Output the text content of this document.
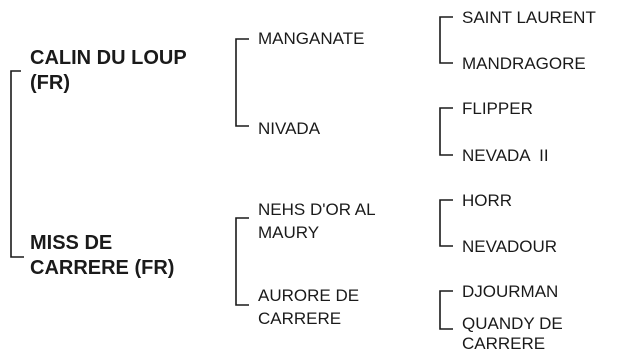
CALIN DU LOUP
(FR)
MISS DE
CARRERE (FR)
MANGANATE
NIVADA
NEHS D'OR AL
MAURY
AURORE DE
CARRERE
SAINT LAURENT
MANDRAGORE
FLIPPER
NEVADA  II
HORR
NEVADOUR
DJOURMAN
QUANDY DE
CARRERE
